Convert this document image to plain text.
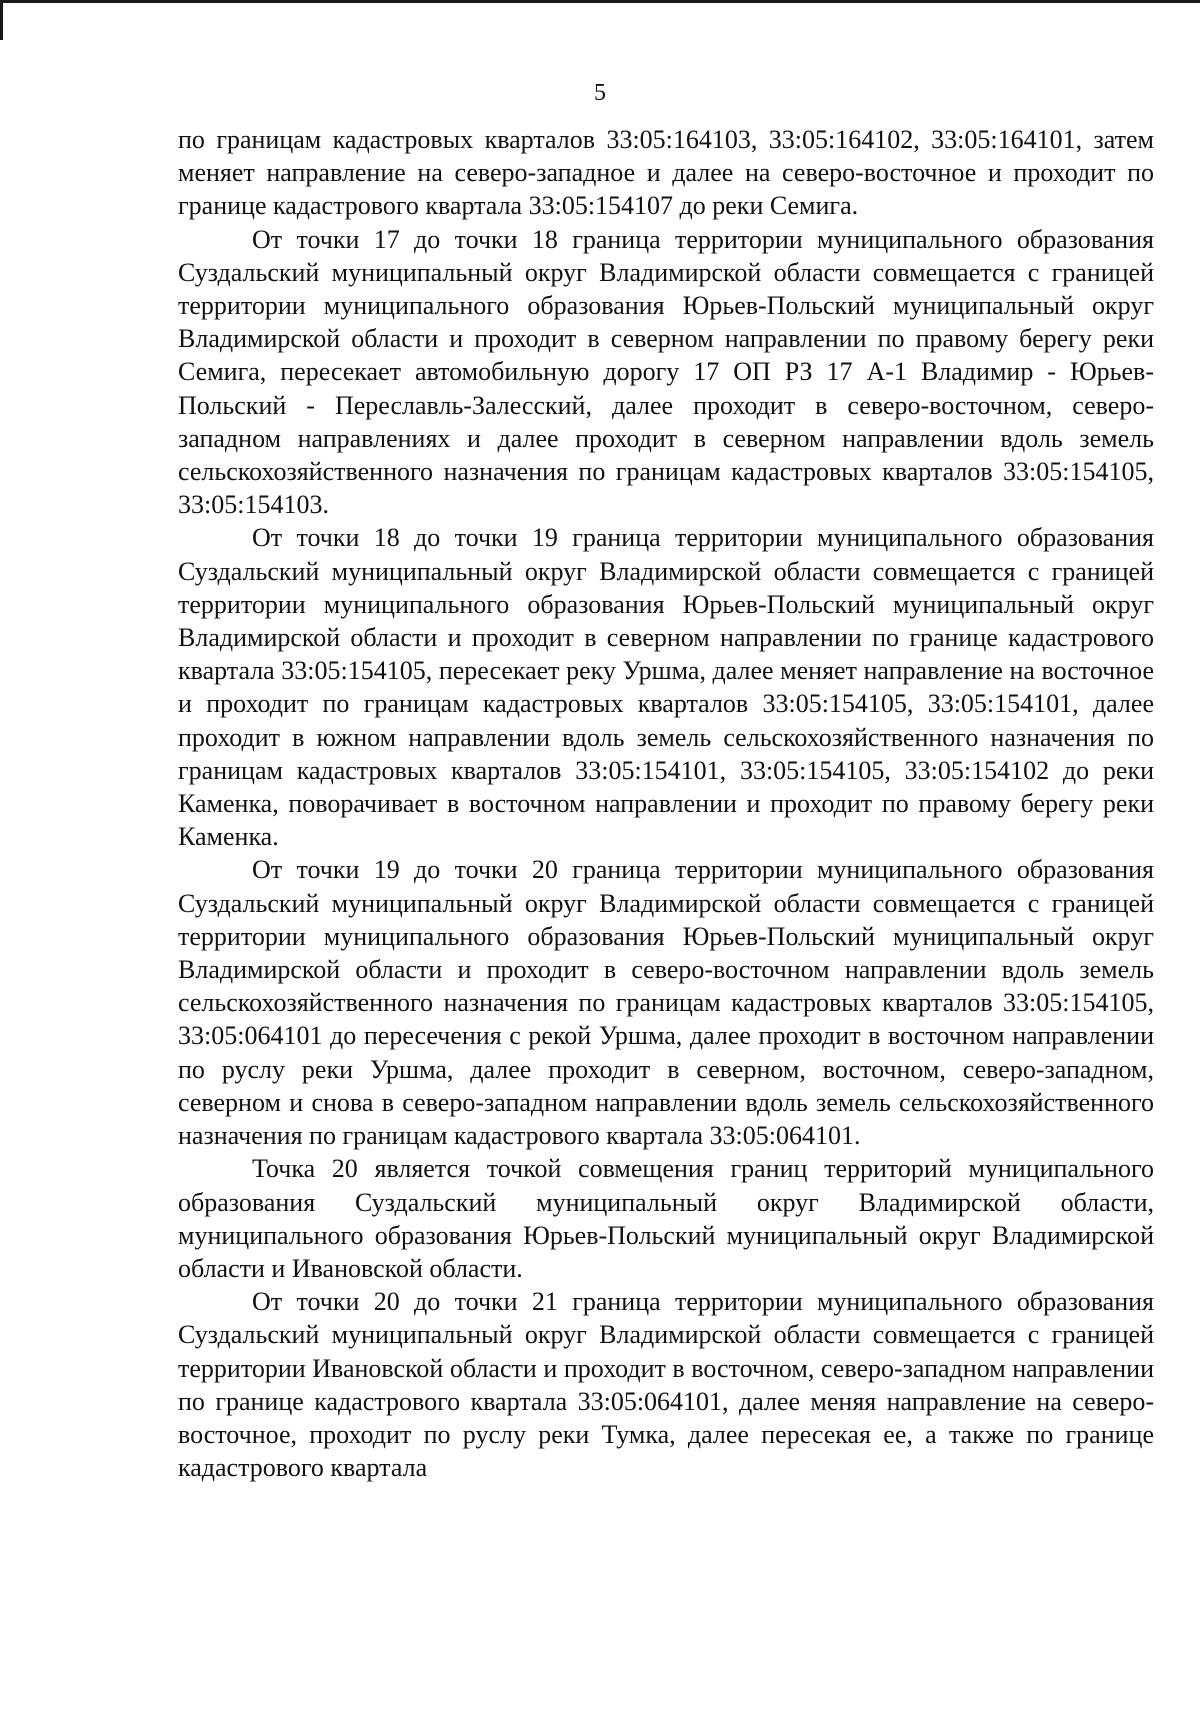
5

по границам кадастровых кварталов 33:05:164103, 33:05:164102, 33:05:164101, затем меняет направление на северо-западное и далее на северо-восточное и проходит по границе кадастрового квартала 33:05:154107 до реки Семига.

От точки 17 до точки 18 граница территории муниципального образования Суздальский муниципальный округ Владимирской области совмещается с границей территории муниципального образования Юрьев-Польский муниципальный округ Владимирской области и проходит в северном направлении по правому берегу реки Семига, пересекает автомобильную дорогу 17 ОП РЗ 17 А-1 Владимир - Юрьев-Польский - Переславль-Залесский, далее проходит в северо-восточном, северо-западном направлениях и далее проходит в северном направлении вдоль земель сельскохозяйственного назначения по границам кадастровых кварталов 33:05:154105, 33:05:154103.

От точки 18 до точки 19 граница территории муниципального образования Суздальский муниципальный округ Владимирской области совмещается с границей территории муниципального образования Юрьев-Польский муниципальный округ Владимирской области и проходит в северном направлении по границе кадастрового квартала 33:05:154105, пересекает реку Уршма, далее меняет направление на восточное и проходит по границам кадастровых кварталов 33:05:154105, 33:05:154101, далее проходит в южном направлении вдоль земель сельскохозяйственного назначения по границам кадастровых кварталов 33:05:154101, 33:05:154105, 33:05:154102 до реки Каменка, поворачивает в восточном направлении и проходит по правому берегу реки Каменка.

От точки 19 до точки 20 граница территории муниципального образования Суздальский муниципальный округ Владимирской области совмещается с границей территории муниципального образования Юрьев-Польский муниципальный округ Владимирской области и проходит в северо-восточном направлении вдоль земель сельскохозяйственного назначения по границам кадастровых кварталов 33:05:154105, 33:05:064101 до пересечения с рекой Уршма, далее проходит в восточном направлении по руслу реки Уршма, далее проходит в северном, восточном, северо-западном, северном и снова в северо-западном направлении вдоль земель сельскохозяйственного назначения по границам кадастрового квартала 33:05:064101.

Точка 20 является точкой совмещения границ территорий муниципального образования Суздальский муниципальный округ Владимирской области, муниципального образования Юрьев-Польский муниципальный округ Владимирской области и Ивановской области.

От точки 20 до точки 21 граница территории муниципального образования Суздальский муниципальный округ Владимирской области совмещается с границей территории Ивановской области и проходит в восточном, северо-западном направлении по границе кадастрового квартала 33:05:064101, далее меняя направление на северо-восточное, проходит по руслу реки Тумка, далее пересекая ее, а также по границе кадастрового квартала
